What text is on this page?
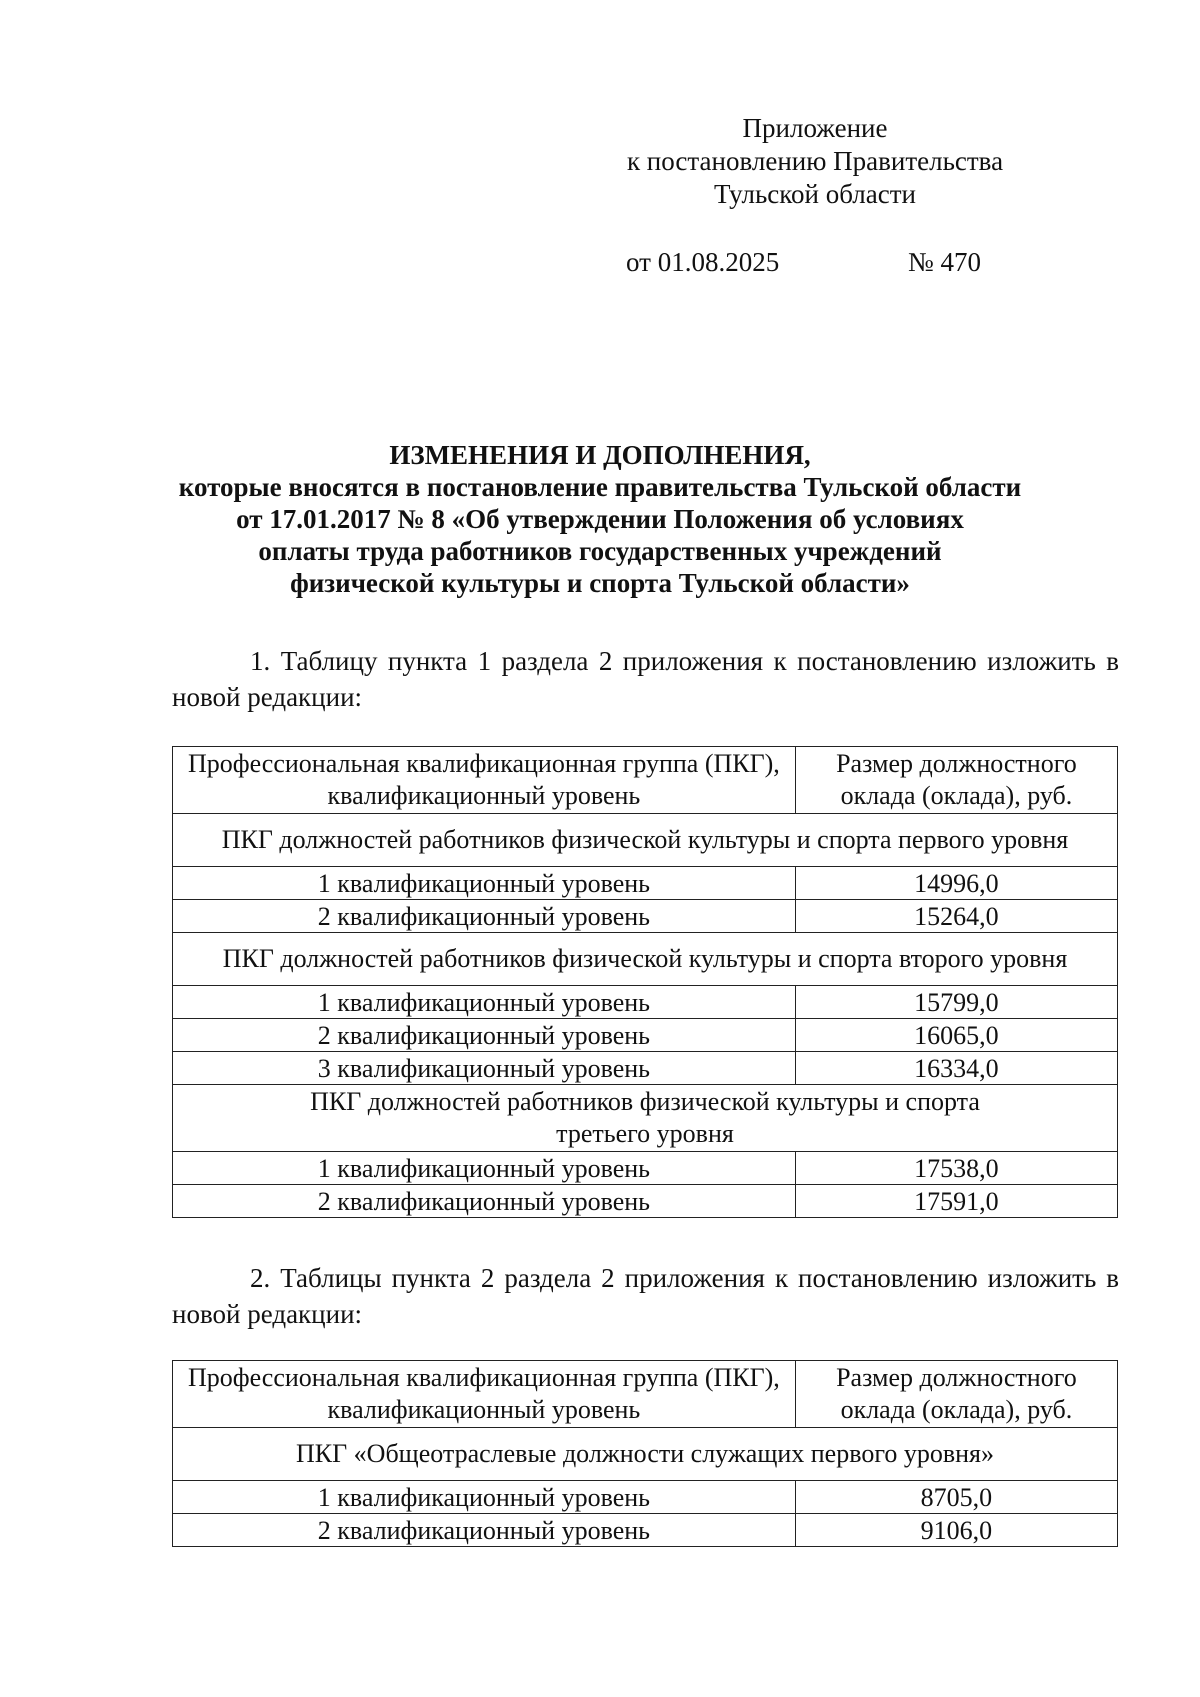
Приложение
к постановлению Правительства
Тульской области
от 01.08.2025	№ 470
ИЗМЕНЕНИЯ И ДОПОЛНЕНИЯ,
которые вносятся в постановление правительства Тульской области
от 17.01.2017 № 8 «Об утверждении Положения об условиях
оплаты труда работников государственных учреждений
физической культуры и спорта Тульской области»
1. Таблицу пункта 1 раздела 2 приложения к постановлению изложить в новой редакции:
Профессиональная квалификационная группа (ПКГ), квалификационный уровень	Размер должностного оклада (оклада), руб.
ПКГ должностей работников физической культуры и спорта первого уровня	
1 квалификационный уровень	14996,0
2 квалификационный уровень	15264,0
ПКГ должностей работников физической культуры и спорта второго уровня	
1 квалификационный уровень	15799,0
2 квалификационный уровень	16065,0
3 квалификационный уровень	16334,0
ПКГ должностей работников физической культуры и спорта третьего уровня	
1 квалификационный уровень	17538,0
2 квалификационный уровень	17591,0
2. Таблицы пункта 2 раздела 2 приложения к постановлению изложить в новой редакции:
Профессиональная квалификационная группа (ПКГ), квалификационный уровень	Размер должностного оклада (оклада), руб.
ПКГ «Общеотраслевые должности служащих первого уровня»	
1 квалификационный уровень	8705,0
2 квалификационный уровень	9106,0
